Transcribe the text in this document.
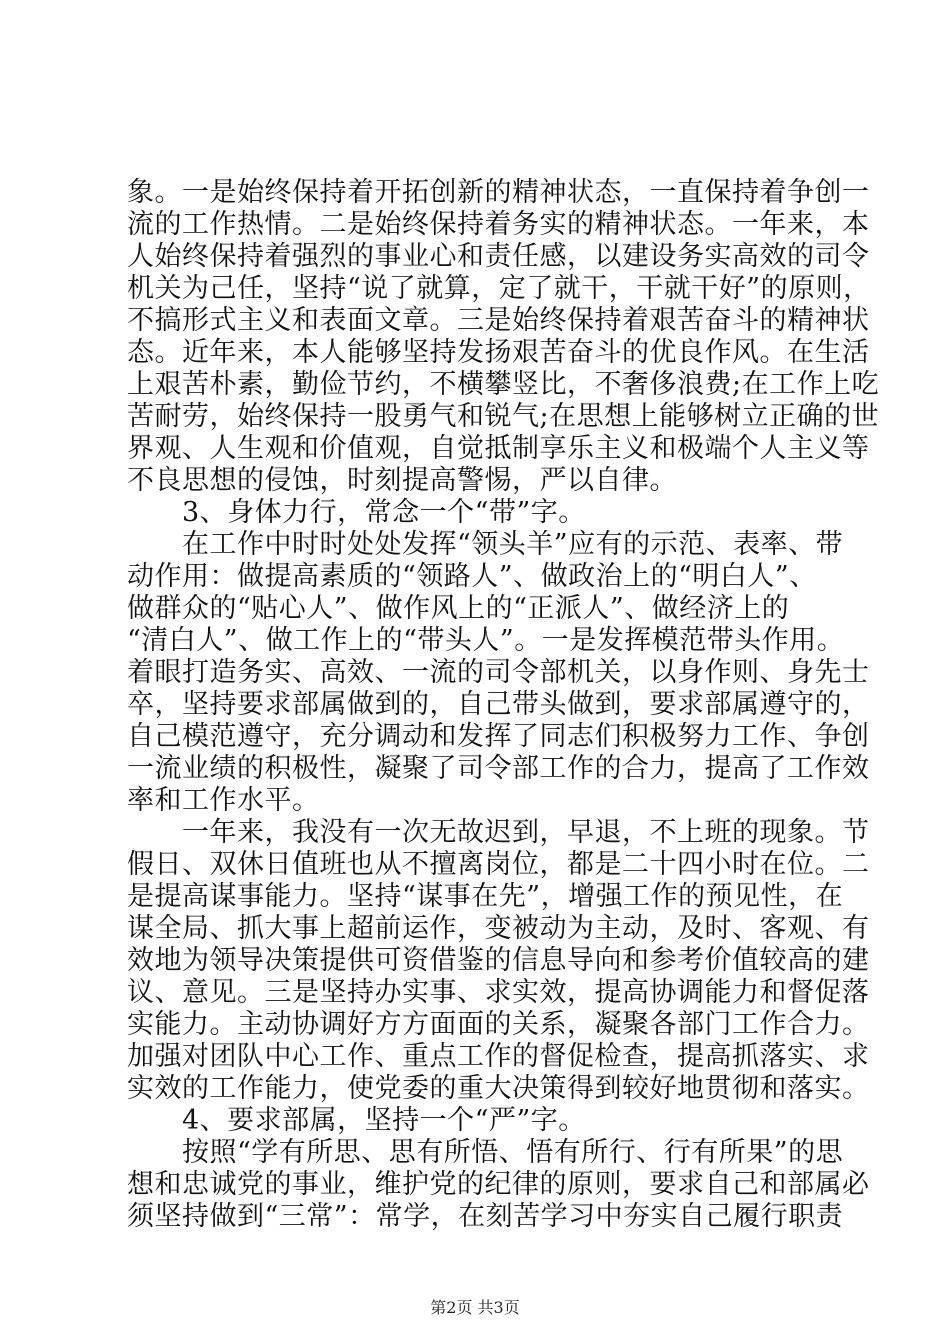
象。一是始终保持着开拓创新的精神状态，一直保持着争创一
流的工作热情。二是始终保持着务实的精神状态。一年来，本
人始终保持着强烈的事业心和责任感，以建设务实高效的司令
机关为己任，坚持“说了就算，定了就干，干就干好”的原则，
不搞形式主义和表面文章。三是始终保持着艰苦奋斗的精神状
态。近年来，本人能够坚持发扬艰苦奋斗的优良作风。在生活
上艰苦朴素，勤俭节约，不横攀竖比，不奢侈浪费;在工作上吃
苦耐劳，始终保持一股勇气和锐气;在思想上能够树立正确的世
界观、人生观和价值观，自觉抵制享乐主义和极端个人主义等
不良思想的侵蚀，时刻提高警惕，严以自律。
3、身体力行，常念一个“带”字。
在工作中时时处处发挥“领头羊”应有的示范、表率、带
动作用：做提高素质的“领路人”、做政治上的“明白人”、
做群众的“贴心人”、做作风上的“正派人”、做经济上的
“清白人”、做工作上的“带头人”。一是发挥模范带头作用。
着眼打造务实、高效、一流的司令部机关，以身作则、身先士
卒，坚持要求部属做到的，自己带头做到，要求部属遵守的，
自己模范遵守，充分调动和发挥了同志们积极努力工作、争创
一流业绩的积极性，凝聚了司令部工作的合力，提高了工作效
率和工作水平。
一年来，我没有一次无故迟到，早退，不上班的现象。节
假日、双休日值班也从不擅离岗位，都是二十四小时在位。二
是提高谋事能力。坚持“谋事在先”，增强工作的预见性，在
谋全局、抓大事上超前运作，变被动为主动，及时、客观、有
效地为领导决策提供可资借鉴的信息导向和参考价值较高的建
议、意见。三是坚持办实事、求实效，提高协调能力和督促落
实能力。主动协调好方方面面的关系，凝聚各部门工作合力。
加强对团队中心工作、重点工作的督促检查，提高抓落实、求
实效的工作能力，使党委的重大决策得到较好地贯彻和落实。
4、要求部属，坚持一个“严”字。
按照“学有所思、思有所悟、悟有所行、行有所果”的思
想和忠诚党的事业，维护党的纪律的原则，要求自己和部属必
须坚持做到“三常”：常学，在刻苦学习中夯实自己履行职责
第2页 共3页
